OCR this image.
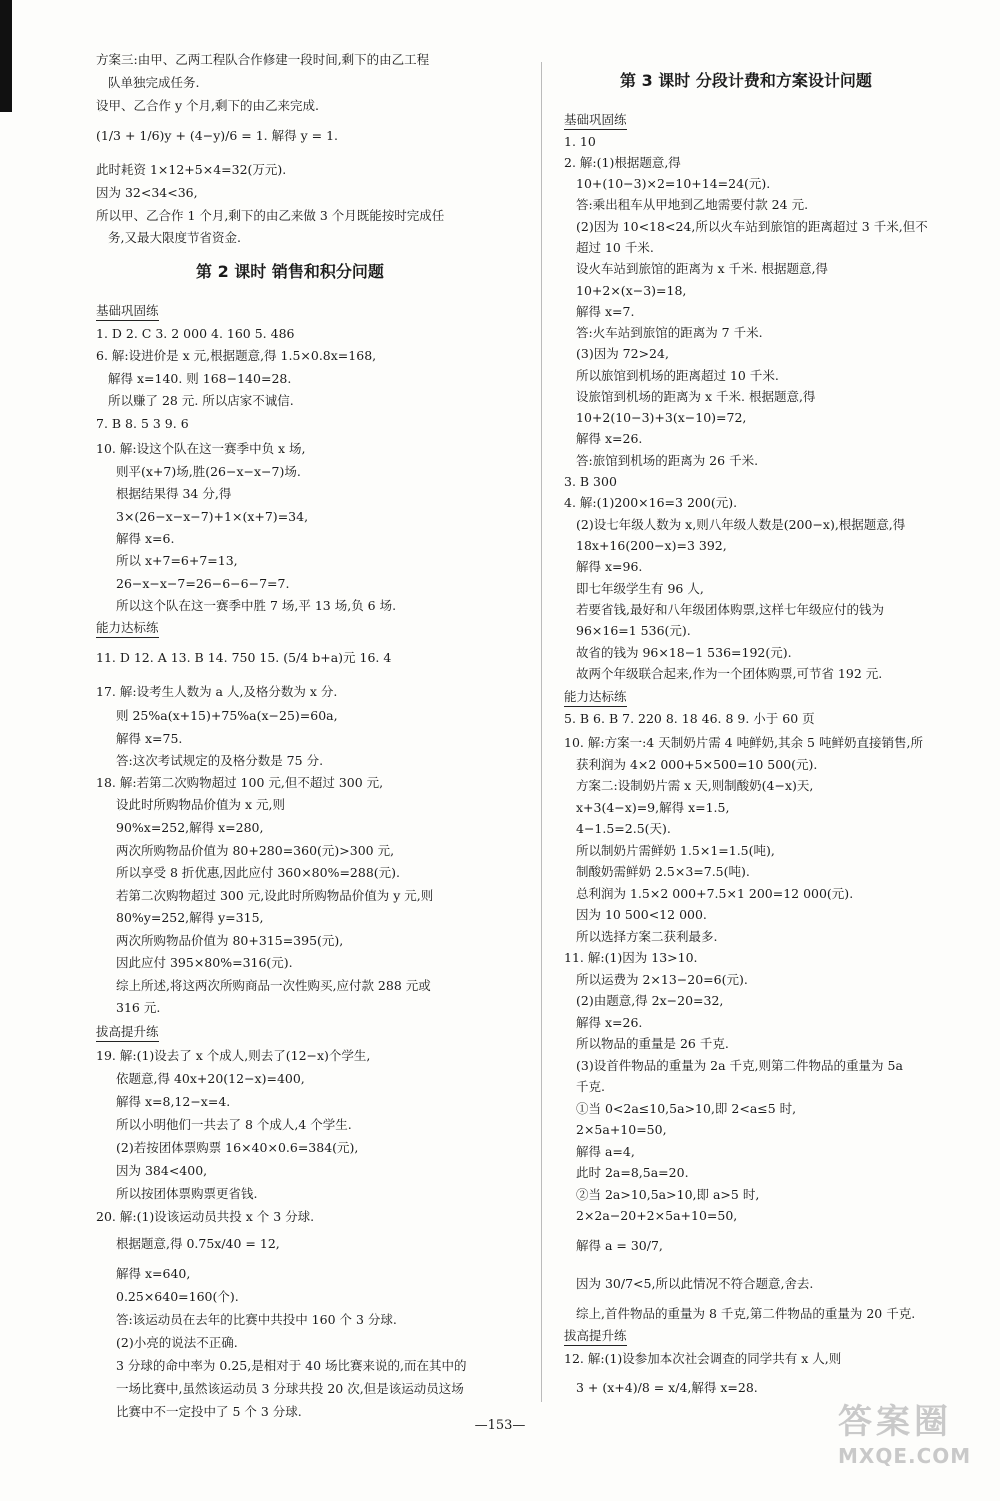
方案三:由甲、乙两工程队合作修建一段时间,剩下的由乙工程
队单独完成任务.
设甲、乙合作 y 个月,剩下的由乙来完成.
(1/3 + 1/6)y + (4−y)/6 = 1. 解得 y = 1.
此时耗资 1×12+5×4=32(万元).
因为 32<34<36,
所以甲、乙合作 1 个月,剩下的由乙来做 3 个月既能按时完成任
务,又最大限度节省资金.
第 2 课时 销售和积分问题
基础巩固练
1. D 2. C 3. 2 000 4. 160 5. 486
6. 解:设进价是 x 元,根据题意,得 1.5×0.8x=168,
解得 x=140. 则 168−140=28.
所以赚了 28 元. 所以店家不诚信.
7. B 8. 5 3 9. 6
10. 解:设这个队在这一赛季中负 x 场,
则平(x+7)场,胜(26−x−x−7)场.
根据结果得 34 分,得
3×(26−x−x−7)+1×(x+7)=34,
解得 x=6.
所以 x+7=6+7=13,
26−x−x−7=26−6−6−7=7.
所以这个队在这一赛季中胜 7 场,平 13 场,负 6 场.
能力达标练
11. D 12. A 13. B 14. 750 15. (5/4 b+a)元 16. 4
17. 解:设考生人数为 a 人,及格分数为 x 分.
则 25%a(x+15)+75%a(x−25)=60a,
解得 x=75.
答:这次考试规定的及格分数是 75 分.
18. 解:若第二次购物超过 100 元,但不超过 300 元,
设此时所购物品价值为 x 元,则
90%x=252,解得 x=280,
两次所购物品价值为 80+280=360(元)>300 元,
所以享受 8 折优惠,因此应付 360×80%=288(元).
若第二次购物超过 300 元,设此时所购物品价值为 y 元,则
80%y=252,解得 y=315,
两次所购物品价值为 80+315=395(元),
因此应付 395×80%=316(元).
综上所述,将这两次所购商品一次性购买,应付款 288 元或
316 元.
拔高提升练
19. 解:(1)设去了 x 个成人,则去了(12−x)个学生,
依题意,得 40x+20(12−x)=400,
解得 x=8,12−x=4.
所以小明他们一共去了 8 个成人,4 个学生.
(2)若按团体票购票 16×40×0.6=384(元),
因为 384<400,
所以按团体票购票更省钱.
20. 解:(1)设该运动员共投 x 个 3 分球.
根据题意,得 0.75x/40 = 12,
解得 x=640,
0.25×640=160(个).
答:该运动员在去年的比赛中共投中 160 个 3 分球.
(2)小亮的说法不正确.
3 分球的命中率为 0.25,是相对于 40 场比赛来说的,而在其中的
一场比赛中,虽然该运动员 3 分球共投 20 次,但是该运动员这场
比赛中不一定投中了 5 个 3 分球.
第 3 课时 分段计费和方案设计问题
基础巩固练
1. 10
2. 解:(1)根据题意,得
10+(10−3)×2=10+14=24(元).
答:乘出租车从甲地到乙地需要付款 24 元.
(2)因为 10<18<24,所以火车站到旅馆的距离超过 3 千米,但不
超过 10 千米.
设火车站到旅馆的距离为 x 千米. 根据题意,得
10+2×(x−3)=18,
解得 x=7.
答:火车站到旅馆的距离为 7 千米.
(3)因为 72>24,
所以旅馆到机场的距离超过 10 千米.
设旅馆到机场的距离为 x 千米. 根据题意,得
10+2(10−3)+3(x−10)=72,
解得 x=26.
答:旅馆到机场的距离为 26 千米.
3. B 300
4. 解:(1)200×16=3 200(元).
(2)设七年级人数为 x,则八年级人数是(200−x),根据题意,得
18x+16(200−x)=3 392,
解得 x=96.
即七年级学生有 96 人,
若要省钱,最好和八年级团体购票,这样七年级应付的钱为
96×16=1 536(元).
故省的钱为 96×18−1 536=192(元).
故两个年级联合起来,作为一个团体购票,可节省 192 元.
能力达标练
5. B 6. B 7. 220 8. 18 46. 8 9. 小于 60 页
10. 解:方案一:4 天制奶片需 4 吨鲜奶,其余 5 吨鲜奶直接销售,所
获利润为 4×2 000+5×500=10 500(元).
方案二:设制奶片需 x 天,则制酸奶(4−x)天,
x+3(4−x)=9,解得 x=1.5,
4−1.5=2.5(天).
所以制奶片需鲜奶 1.5×1=1.5(吨),
制酸奶需鲜奶 2.5×3=7.5(吨).
总利润为 1.5×2 000+7.5×1 200=12 000(元).
因为 10 500<12 000.
所以选择方案二获利最多.
11. 解:(1)因为 13>10.
所以运费为 2×13−20=6(元).
(2)由题意,得 2x−20=32,
解得 x=26.
所以物品的重量是 26 千克.
(3)设首件物品的重量为 2a 千克,则第二件物品的重量为 5a
千克.
①当 0<2a≤10,5a>10,即 2<a≤5 时,
2×5a+10=50,
解得 a=4,
此时 2a=8,5a=20.
②当 2a>10,5a>10,即 a>5 时,
2×2a−20+2×5a+10=50,
解得 a = 30/7,
因为 30/7<5,所以此情况不符合题意,舍去.
综上,首件物品的重量为 8 千克,第二件物品的重量为 20 千克.
拔高提升练
12. 解:(1)设参加本次社会调查的同学共有 x 人,则
3 + (x+4)/8 = x/4,解得 x=28.
—153—	答案圈
MXQE.COM
